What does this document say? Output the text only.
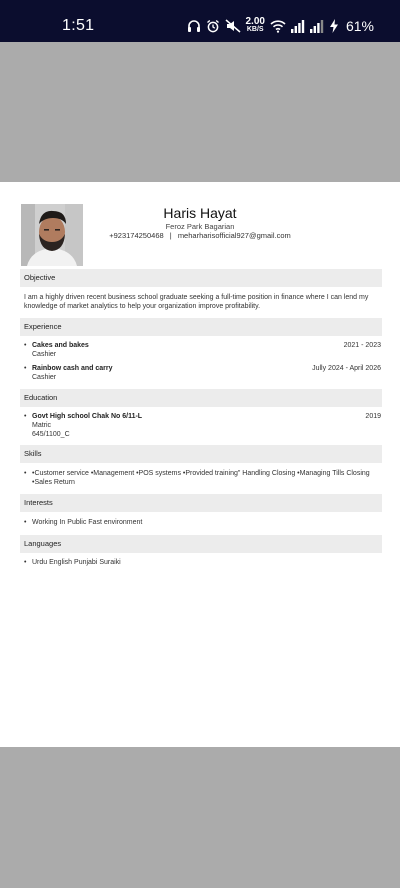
1:51	2.00
KB/S	61%
Haris Hayat
Feroz Park Bagarian
+923174250468 | meharharisofficial927@gmail.com
Objective
I am a highly driven recent business school graduate seeking a full-time position in finance where I can lend my knowledge of market analytics to help your organization improve profitability.
Experience
• Cakes and bakes
Cashier
2021 - 2023
• Rainbow cash and carry
Cashier
Jully 2024 - April 2026
Education
• Govt High school Chak No 6/11-L
Matric
645/1100_C
2019
Skills
• •Customer service •Management •POS systems •Provided training" Handling Closing •Managing Tills Closing •Sales Return
Interests
• Working In Public Fast environment
Languages
• Urdu English Punjabi Suraiki
